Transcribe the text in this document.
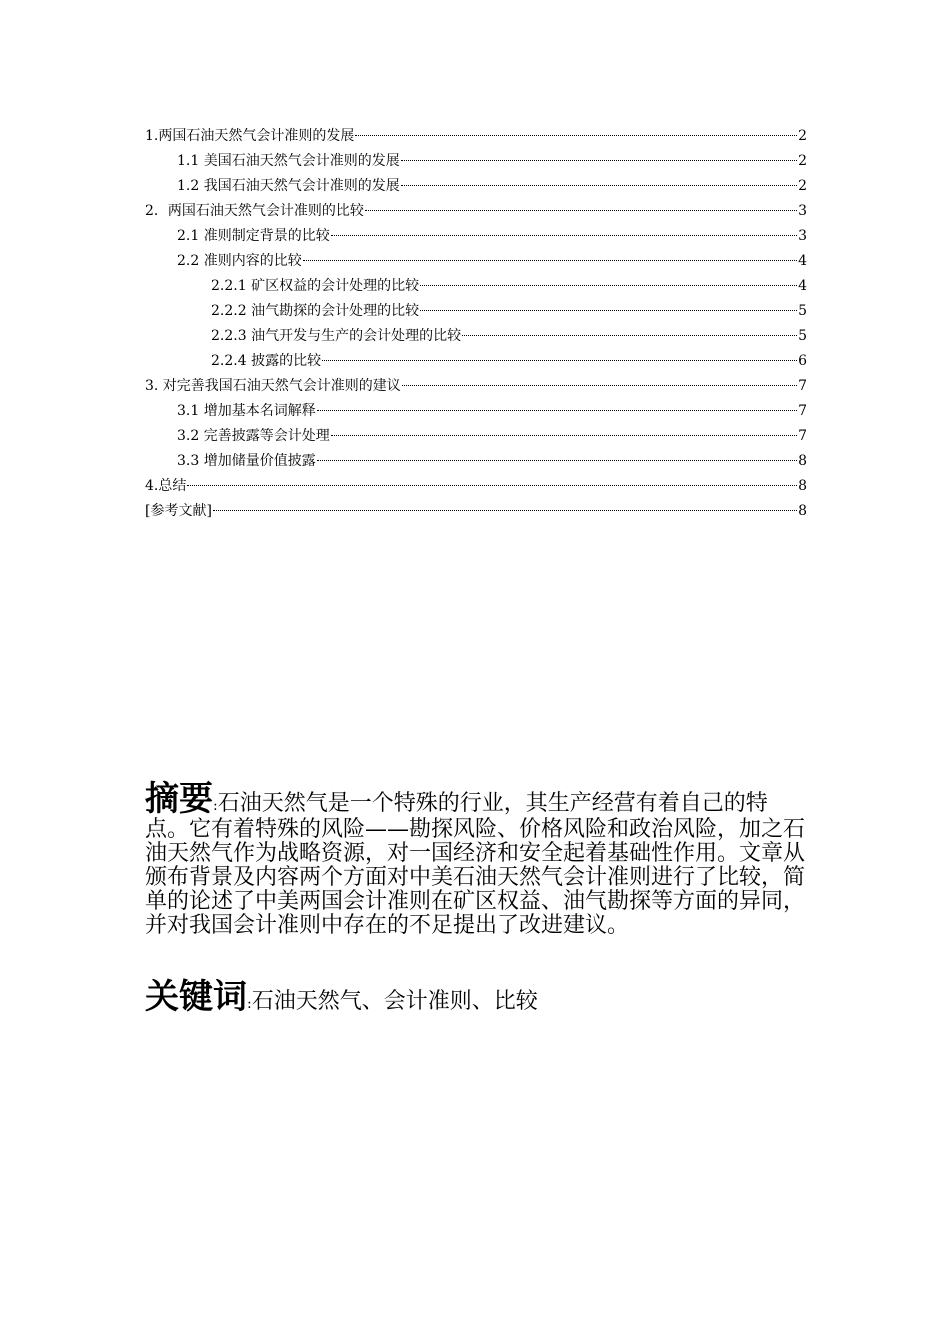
1.两国石油天然气会计准则的发展	2
1.1 美国石油天然气会计准则的发展	2
1.2 我国石油天然气会计准则的发展	2
2．两国石油天然气会计准则的比较	3
2.1 准则制定背景的比较	3
2.2 准则内容的比较	4
2.2.1 矿区权益的会计处理的比较	4
2.2.2 油气勘探的会计处理的比较	5
2.2.3 油气开发与生产的会计处理的比较	5
2.2.4 披露的比较	6
3. 对完善我国石油天然气会计准则的建议	7
3.1 增加基本名词解释	7
3.2 完善披露等会计处理	7
3.3 增加储量价值披露	8
4.总结	8
[参考文献]	8

摘要:石油天然气是一个特殊的行业，其生产经营有着自己的特点。它有着特殊的风险——勘探风险、价格风险和政治风险，加之石油天然气作为战略资源，对一国经济和安全起着基础性作用。文章从颁布背景及内容两个方面对中美石油天然气会计准则进行了比较，简单的论述了中美两国会计准则在矿区权益、油气勘探等方面的异同，并对我国会计准则中存在的不足提出了改进建议。

关键词:石油天然气、会计准则、比较
